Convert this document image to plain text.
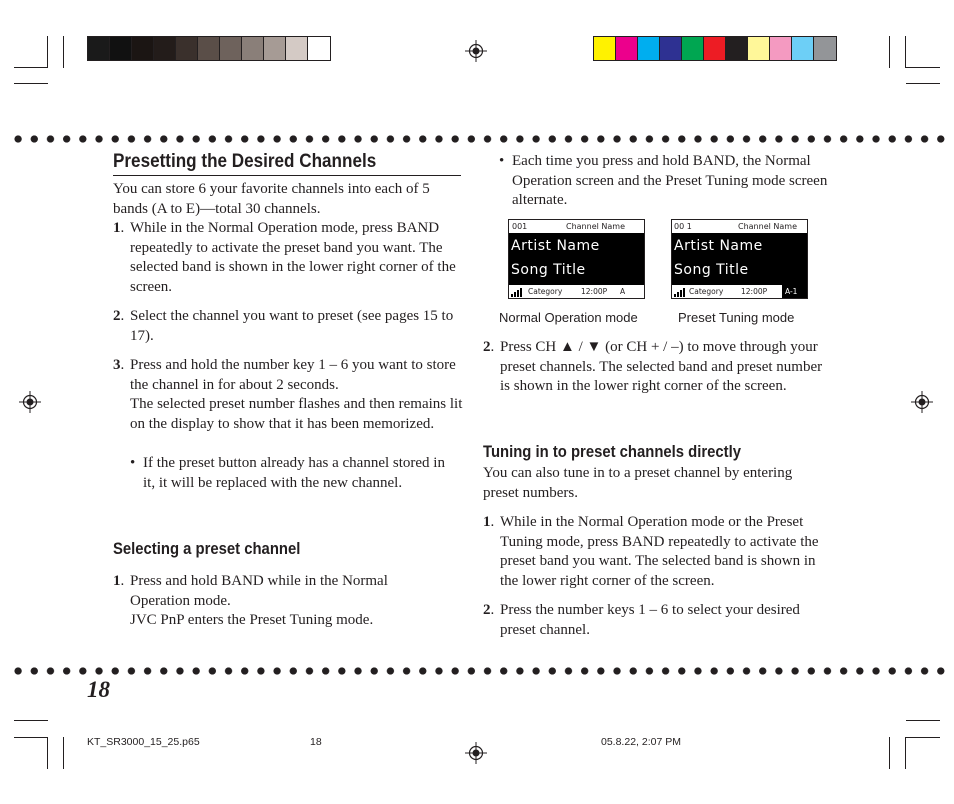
Presetting the Desired Channels
You can store 6 your favorite channels into each of 5 bands (A to E)—total 30 channels.
1. While in the Normal Operation mode, press BAND repeatedly to activate the preset band you want. The selected band is shown in the lower right corner of the screen.
2. Select the channel you want to preset (see pages 15 to 17).
3. Press and hold the number key 1 – 6 you want to store the channel in for about 2 seconds.
The selected preset number flashes and then remains lit on the display to show that it has been memorized.
• If the preset button already has a channel stored in it, it will be replaced with the new channel.
Selecting a preset channel
1. Press and hold BAND while in the Normal Operation mode.
JVC PnP enters the Preset Tuning mode.
• Each time you press and hold BAND, the Normal Operation screen and the Preset Tuning mode screen alternate.
001	Channel Name
Artist Name
Song Title
Category 12:00P A
00 1	Channel Name
Artist Name
Song Title
Category 12:00P	A-1
Normal Operation mode	Preset Tuning mode
2. Press CH ▲ / ▼ (or CH + / –) to move through your preset channels. The selected band and preset number is shown in the lower right corner of the screen.
Tuning in to preset channels directly
You can also tune in to a preset channel by entering preset numbers.
1. While in the Normal Operation mode or the Preset Tuning mode, press BAND repeatedly to activate the preset band you want. The selected band is shown in the lower right corner of the screen.
2. Press the number keys 1 – 6 to select your desired preset channel.
18
KT_SR3000_15_25.p65	18	05.8.22, 2:07 PM
